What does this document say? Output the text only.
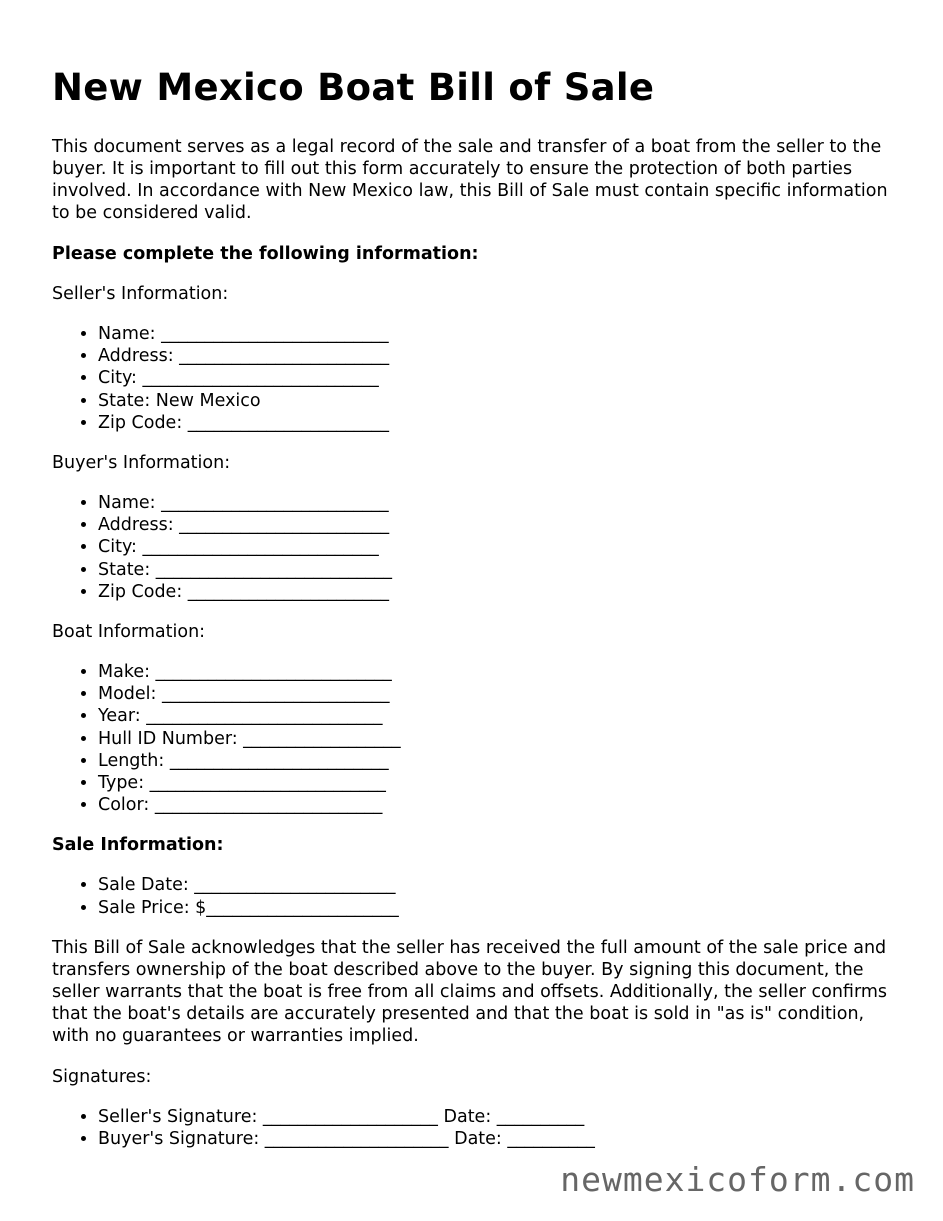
New Mexico Boat Bill of Sale

This document serves as a legal record of the sale and transfer of a boat from the seller to the buyer. It is important to fill out this form accurately to ensure the protection of both parties involved. In accordance with New Mexico law, this Bill of Sale must contain specific information to be considered valid.

Please complete the following information:
Seller's Information:
• Name: __________________________
• Address: ________________________
• City: ___________________________
• State: New Mexico
• Zip Code: _______________________
Buyer's Information:
• Name: __________________________
• Address: ________________________
• City: ___________________________
• State: ___________________________
• Zip Code: _______________________
Boat Information:
• Make: ___________________________
• Model: __________________________
• Year: ___________________________
• Hull ID Number: __________________
• Length: _________________________
• Type: ___________________________
• Color: __________________________
Sale Information:
• Sale Date: _______________________
• Sale Price: $______________________

This Bill of Sale acknowledges that the seller has received the full amount of the sale price and transfers ownership of the boat described above to the buyer. By signing this document, the seller warrants that the boat is free from all claims and offsets. Additionally, the seller confirms that the boat's details are accurately presented and that the boat is sold in "as is" condition, with no guarantees or warranties implied.

Signatures:
• Seller's Signature: ____________________ Date: __________
• Buyer's Signature: _____________________ Date: __________
newmexicoform.com
